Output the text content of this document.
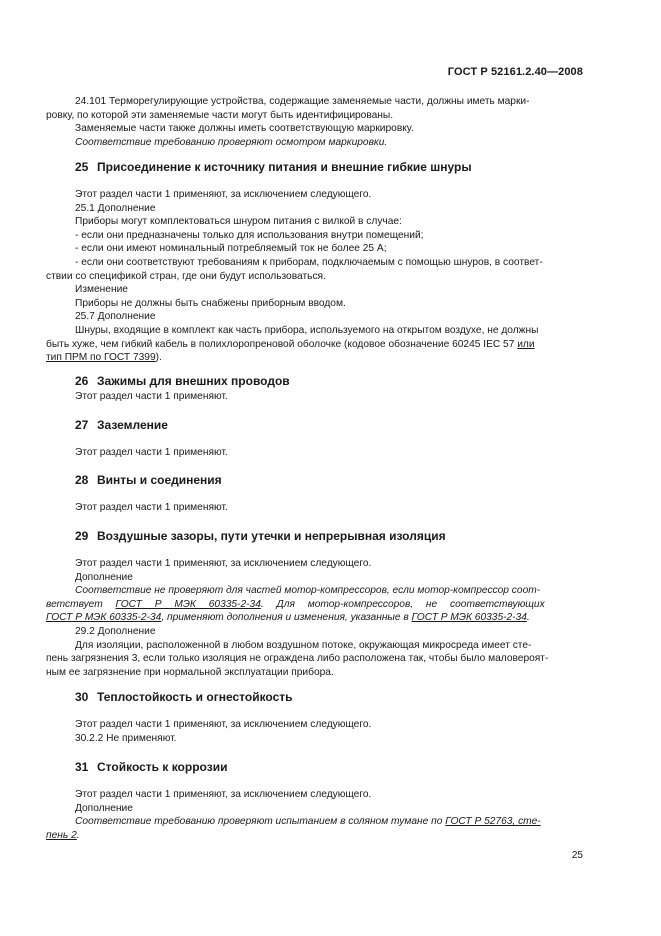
ГОСТ Р 52161.2.40—2008

24.101 Терморегулирующие устройства, содержащие заменяемые части, должны иметь марки-

ровку, по которой эти заменяемые части могут быть идентифицированы.

Заменяемые части также должны иметь соответствующую маркировку.

Соответствие требованию проверяют осмотром маркировки.

25 Присоединение к источнику питания и внешние гибкие шнуры

Этот раздел части 1 применяют, за исключением следующего.

25.1 Дополнение

Приборы могут комплектоваться шнуром питания с вилкой в случае:

- если они предназначены только для использования внутри помещений;

- если они имеют номинальный потребляемый ток не более 25 А;

- если они соответствуют требованиям к приборам, подключаемым с помощью шнуров, в соответ-

ствии со спецификой стран, где они будут использоваться.

Изменение

Приборы не должны быть снабжены приборным вводом.

25.7 Дополнение

Шнуры, входящие в комплект как часть прибора, используемого на открытом воздухе, не должны

быть хуже, чем гибкий кабель в полихлоропреновой оболочке (кодовое обозначение 60245 IEC 57 или

тип ПРМ по ГОСТ 7399).

26 Зажимы для внешних проводов

Этот раздел части 1 применяют.

27 Заземление

Этот раздел части 1 применяют.

28 Винты и соединения

Этот раздел части 1 применяют.

29 Воздушные зазоры, пути утечки и непрерывная изоляция

Этот раздел части 1 применяют, за исключением следующего.

Дополнение

Соответствие не проверяют для частей мотор-компрессоров, если мотор-компрессор соот-

ветствует ГОСТ Р МЭК 60335-2-34. Для мотор-компрессоров, не соответствующих

ГОСТ Р МЭК 60335-2-34, применяют дополнения и изменения, указанные в ГОСТ Р МЭК 60335-2-34.

29.2 Дополнение

Для изоляции, расположенной в любом воздушном потоке, окружающая микросреда имеет сте-

пень загрязнения 3, если только изоляция не ограждена либо расположена так, чтобы было маловероят-

ным ее загрязнение при нормальной эксплуатации прибора.

30 Теплостойкость и огнестойкость

Этот раздел части 1 применяют, за исключением следующего.

30.2.2 Не применяют.

31 Стойкость к коррозии

Этот раздел части 1 применяют, за исключением следующего.

Дополнение

Соответствие требованию проверяют испытанием в соляном тумане по ГОСТ Р 52763, сте-

пень 2.

25
